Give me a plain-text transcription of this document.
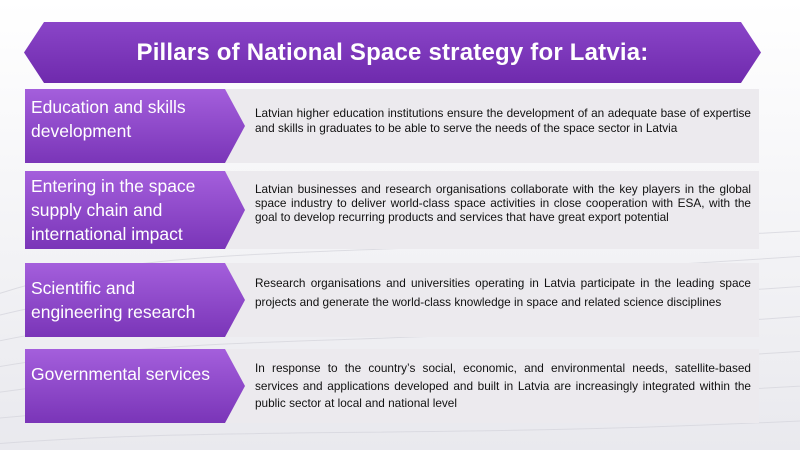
Pillars of National Space strategy for Latvia:
Education and skills development
Latvian higher education institutions ensure the development of an adequate base of expertise and skills in graduates to be able to serve the needs of the space sector in Latvia
Entering in the space supply chain and international impact
Latvian businesses and research organisations collaborate with the key players in the global space industry to deliver world-class space activities in close cooperation with ESA, with the goal to develop recurring products and services that have great export potential
Scientific and engineering research
Research organisations and universities operating in Latvia participate in the leading space projects and generate the world-class knowledge in space and related science disciplines
Governmental services	In response to the country’s social, economic, and environmental needs, satellite-based services and applications developed and built in Latvia are increasingly integrated within the public sector at local and national level
